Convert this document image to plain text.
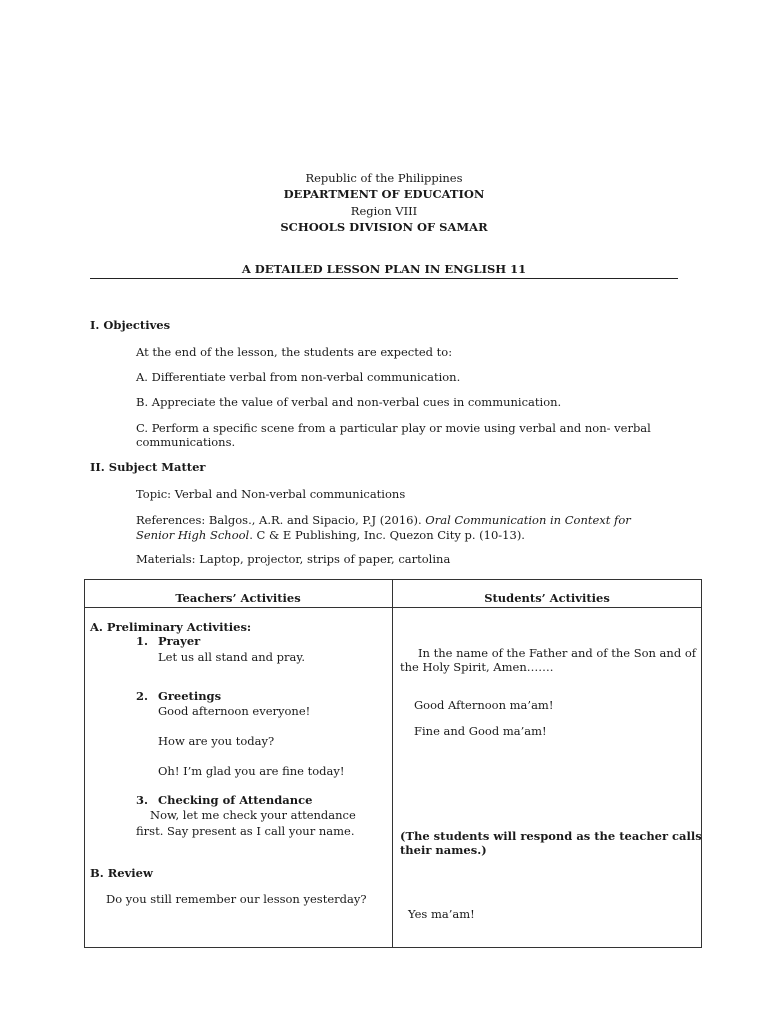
Republic of the Philippines
DEPARTMENT OF EDUCATION
Region VIII
SCHOOLS DIVISION OF SAMAR
A DETAILED LESSON PLAN IN ENGLISH 11
I. Objectives
At the end of the lesson, the students are expected to:
A. Differentiate verbal from non-verbal communication.
B. Appreciate the value of verbal and non-verbal cues in communication.
C. Perform a specific scene from a particular play or movie using verbal and non- verbal
communications.
II. Subject Matter
Topic: Verbal and Non-verbal communications
References: Balgos., A.R. and Sipacio, P.J (2016). Oral Communication in Context for
Senior High School. C & E Publishing, Inc. Quezon City p. (10-13).
Materials: Laptop, projector, strips of paper, cartolina
Teachers’ Activities	Students’ Activities
A. Preliminary Activities:
1. Prayer
Let us all stand and pray.
2. Greetings
Good afternoon everyone!
How are you today?
Oh! I’m glad you are fine today!
3. Checking of Attendance
Now, let me check your attendance
first. Say present as I call your name.
B. Review
Do you still remember our lesson yesterday?
In the name of the Father and of the Son and of
the Holy Spirit, Amen…….
Good Afternoon ma’am!
Fine and Good ma’am!
(The students will respond as the teacher calls
their names.)
Yes ma’am!
